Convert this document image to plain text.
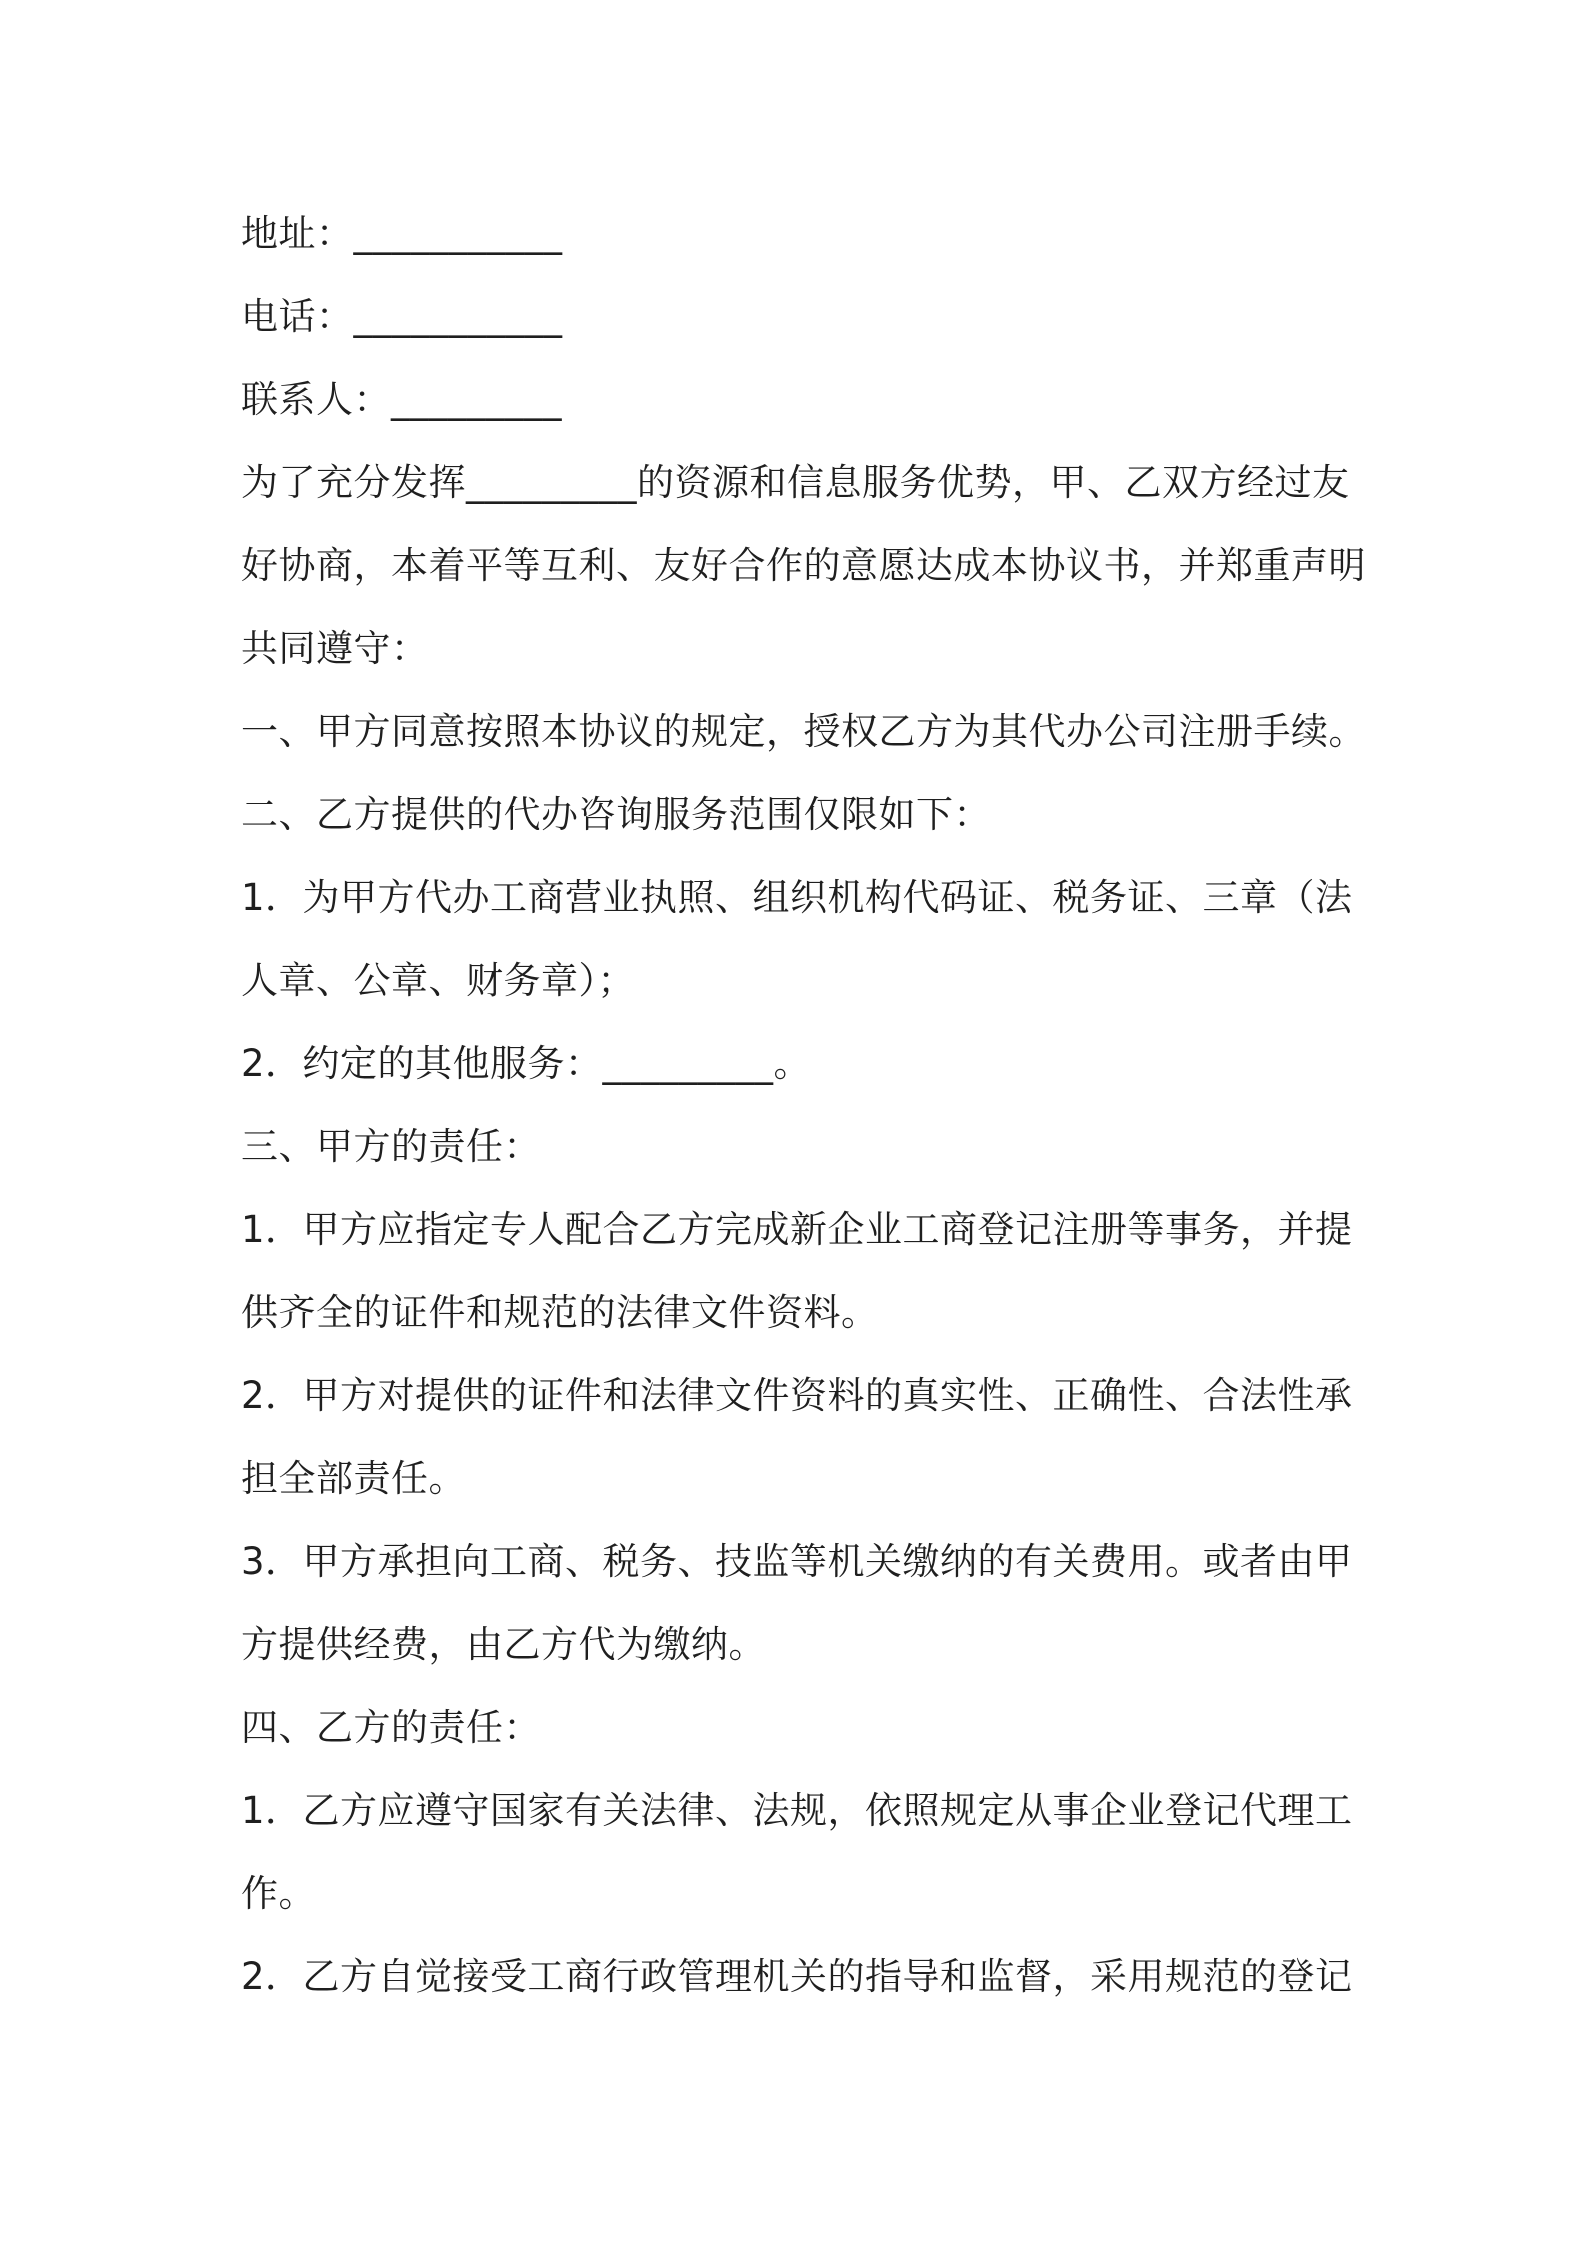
地址：___________
电话：___________
联系人：_________
为了充分发挥_________的资源和信息服务优势，甲、乙双方经过友
好协商，本着平等互利、友好合作的意愿达成本协议书，并郑重声明
共同遵守：
一、甲方同意按照本协议的规定，授权乙方为其代办公司注册手续。
二、乙方提供的代办咨询服务范围仅限如下：
1．为甲方代办工商营业执照、组织机构代码证、税务证、三章（法
人章、公章、财务章）；
2．约定的其他服务：_________。
三、甲方的责任：
1．甲方应指定专人配合乙方完成新企业工商登记注册等事务，并提
供齐全的证件和规范的法律文件资料。
2．甲方对提供的证件和法律文件资料的真实性、正确性、合法性承
担全部责任。
3．甲方承担向工商、税务、技监等机关缴纳的有关费用。或者由甲
方提供经费，由乙方代为缴纳。
四、乙方的责任：
1．乙方应遵守国家有关法律、法规，依照规定从事企业登记代理工
作。
2．乙方自觉接受工商行政管理机关的指导和监督，采用规范的登记
